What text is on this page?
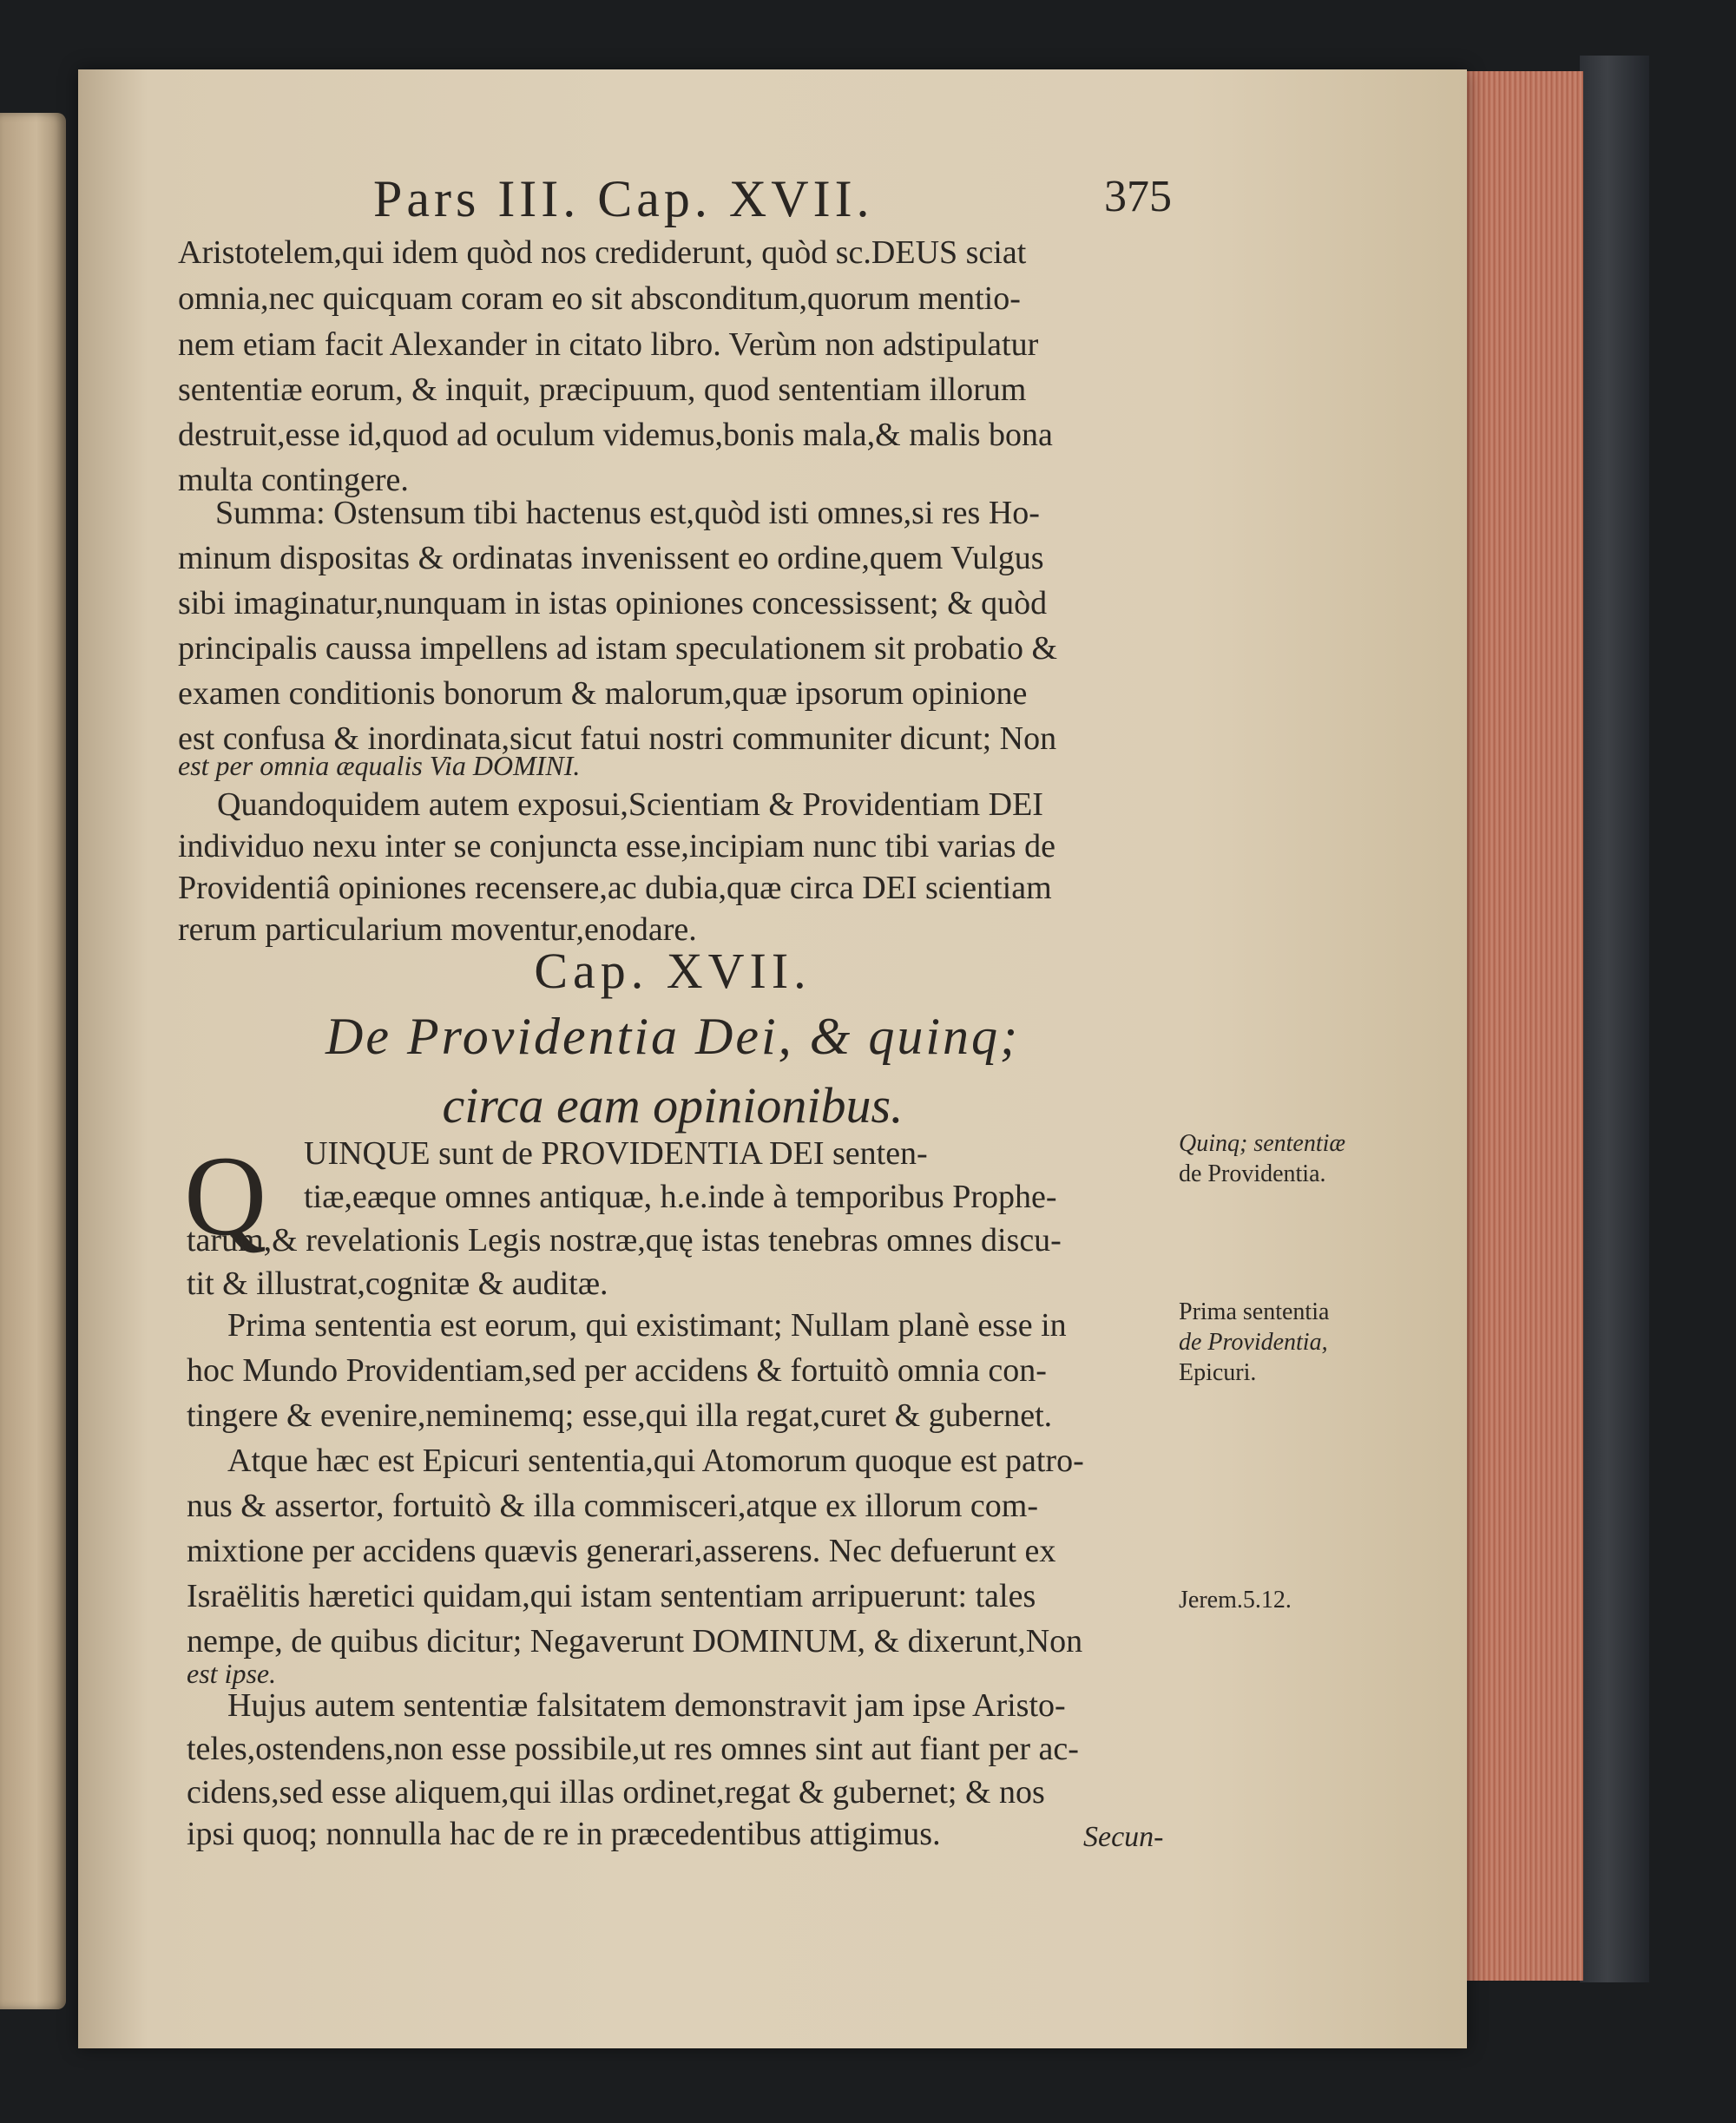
Pars III. Cap. XVII.	375
Aristotelem,qui idem quòd nos crediderunt, quòd sc.DEUS sciat
omnia,nec quicquam coram eo sit absconditum,quorum mentio-
nem etiam facit Alexander in citato libro. Verùm non adstipulatur
sententiæ eorum, & inquit, præcipuum, quod sententiam illorum
destruit,esse id,quod ad oculum videmus,bonis mala,& malis bona
multa contingere.
Summa: Ostensum tibi hactenus est,quòd isti omnes,si res Ho-
minum dispositas & ordinatas invenissent eo ordine,quem Vulgus
sibi imaginatur,nunquam in istas opiniones concessissent; & quòd
principalis caussa impellens ad istam speculationem sit probatio &
examen conditionis bonorum & malorum,quæ ipsorum opinione
est confusa & inordinata,sicut fatui nostri communiter dicunt; Non
est per omnia æqualis Via DOMINI.
Quandoquidem autem exposui,Scientiam & Providentiam DEI
individuo nexu inter se conjuncta esse,incipiam nunc tibi varias de
Providentiâ opiniones recensere,ac dubia,quæ circa DEI scientiam
rerum particularium moventur,enodare.
Cap. XVII.
De Providentia Dei, & quinq;
circa eam opinionibus.
Q UINQUE sunt de PROVIDENTIA DEI senten-
tiæ,eæque omnes antiquæ, h.e.inde à temporibus Prophe-
tarum,& revelationis Legis nostræ,quę istas tenebras omnes discu-
tit & illustrat,cognitæ & auditæ.
Prima sententia est eorum, qui existimant; Nullam planè esse in
hoc Mundo Providentiam,sed per accidens & fortuitò omnia con-
tingere & evenire,neminemq; esse,qui illa regat,curet & gubernet.
Atque hæc est Epicuri sententia,qui Atomorum quoque est patro-
nus & assertor, fortuitò & illa commisceri,atque ex illorum com-
mixtione per accidens quævis generari,asserens. Nec defuerunt ex
Israëlitis hæretici quidam,qui istam sententiam arripuerunt: tales
nempe, de quibus dicitur; Negaverunt DOMINUM, & dixerunt,Non
est ipse.
Hujus autem sententiæ falsitatem demonstravit jam ipse Aristo-
teles,ostendens,non esse possibile,ut res omnes sint aut fiant per ac-
cidens,sed esse aliquem,qui illas ordinet,regat & gubernet; & nos
ipsi quoq; nonnulla hac de re in præcedentibus attigimus.	Secun-
Quinq; sententiæ
de Providentia.
Prima sententia
de Providentia,
Epicuri.
Jerem.5.12.
